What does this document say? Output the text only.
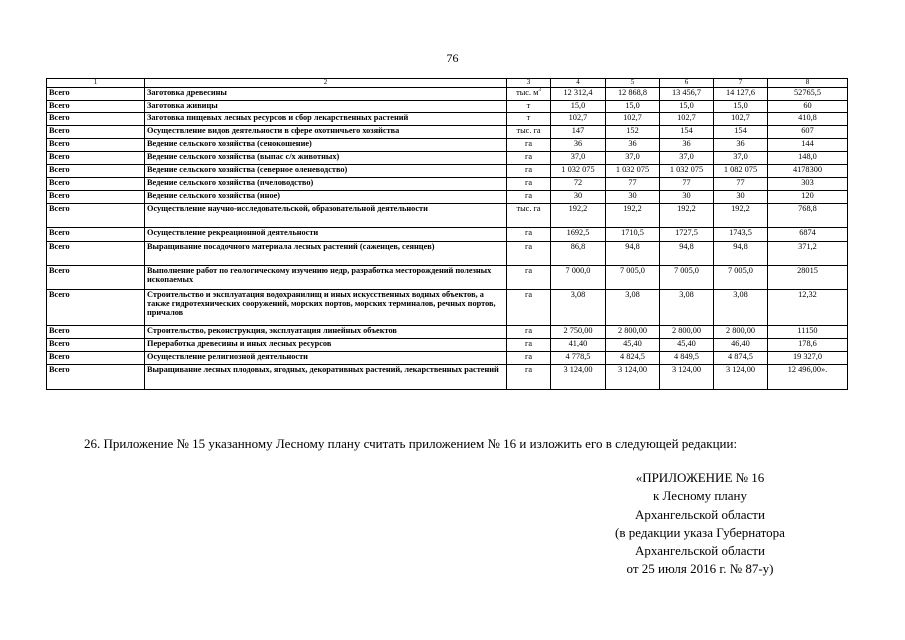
76
1	2	3	4	5	6	7	8
Всего	Заготовка древесины	тыс. $м^3$	12 312,4	12 868,8	13 456,7	14 127,6	52765,5
Всего	Заготовка живицы	т	15,0	15,0	15,0	15,0	60
Всего	Заготовка пищевых лесных ресурсов и сбор лекарственных растений	т	102,7	102,7	102,7	102,7	410,8
Всего	Осуществление видов деятельности в сфере охотничьего хозяйства	тыс. га	147	152	154	154	607
Всего	Ведение сельского хозяйства (сенокошение)	га	36	36	36	36	144
Всего	Ведение сельского хозяйства (выпас с/х животных)	га	37,0	37,0	37,0	37,0	148,0
Всего	Ведение сельского хозяйства (северное оленеводство)	га	1 032 075	1 032 075	1 032 075	1 082 075	4178300
Всего	Ведение сельского хозяйства (пчеловодство)	га	72	77	77	77	303
Всего	Ведение сельского хозяйства (иное)	га	30	30	30	30	120
Всего	Осуществление научно-исследовательской, образовательной деятельности	тыс. га	192,2	192,2	192,2	192,2	768,8
Всего	Осуществление рекреационной деятельности	га	1692,5	1710,5	1727,5	1743,5	6874
Всего	Выращивание посадочного материала лесных растений (саженцев, сеянцев)	га	86,8	94,8	94,8	94,8	371,2
Всего	Выполнение работ по геологическому изучению недр, разработка месторождений полезных ископаемых	га	7 000,0	7 005,0	7 005,0	7 005,0	28015
Всего	Строительство и эксплуатация водохранилищ и иных искусственных водных объектов, а также гидротехнических сооружений, морских портов, морских терминалов, речных портов, причалов	га	3,08	3,08	3,08	3,08	12,32
Всего	Строительство, реконструкция, эксплуатация линейных объектов	га	2 750,00	2 800,00	2 800,00	2 800,00	11150
Всего	Переработка древесины и иных лесных ресурсов	га	41,40	45,40	45,40	46,40	178,6
Всего	Осуществление религиозной деятельности	га	4 778,5	4 824,5	4 849,5	4 874,5	19 327,0
Всего	Выращивание лесных плодовых, ягодных, декоративных растений, лекарственных растений	га	3 124,00	3 124,00	3 124,00	3 124,00	12 496,00».
26. Приложение № 15 указанному Лесному плану считать приложением № 16 и изложить его в следующей редакции:
«ПРИЛОЖЕНИЕ № 16
к Лесному плану
Архангельской области
(в редакции указа Губернатора
Архангельской области
от 25 июля 2016 г. № 87-у)
